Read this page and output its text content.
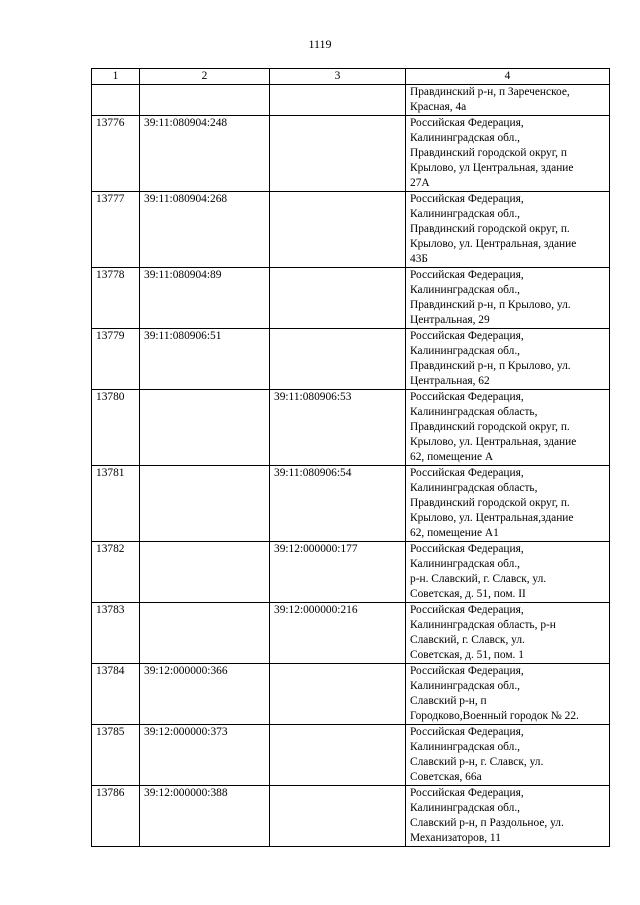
1119
1	2	3	4
			Правдинский р-н, п Зареченское,
Красная, 4а
13776	39:11:080904:248		Российская Федерация,
Калининградская обл.,
Правдинский городской округ, п
Крылово, ул Центральная, здание
27А
13777	39:11:080904:268		Российская Федерация,
Калининградская обл.,
Правдинский городской округ, п.
Крылово, ул. Центральная, здание
43Б
13778	39:11:080904:89		Российская Федерация,
Калининградская обл.,
Правдинский р-н, п Крылово, ул.
Центральная, 29
13779	39:11:080906:51		Российская Федерация,
Калининградская обл.,
Правдинский р-н, п Крылово, ул.
Центральная, 62
13780		39:11:080906:53	Российская Федерация,
Калининградская область,
Правдинский городской округ, п.
Крылово, ул. Центральная, здание
62, помещение А
13781		39:11:080906:54	Российская Федерация,
Калининградская область,
Правдинский городской округ, п.
Крылово, ул. Центральная,здание
62, помещение А1
13782		39:12:000000:177	Российская Федерация,
Калининградская обл.,
р-н. Славский, г. Славск, ул.
Советская, д. 51, пом. II
13783		39:12:000000:216	Российская Федерация,
Калининградская область, р-н
Славский, г. Славск, ул.
Советская, д. 51, пом. 1
13784	39:12:000000:366		Российская Федерация,
Калининградская обл.,
Славский р-н, п
Городково,Военный городок № 22.
13785	39:12:000000:373		Российская Федерация,
Калининградская обл.,
Славский р-н, г. Славск, ул.
Советская, 66а
13786	39:12:000000:388		Российская Федерация,
Калининградская обл.,
Славский р-н, п Раздольное, ул.
Механизаторов, 11
